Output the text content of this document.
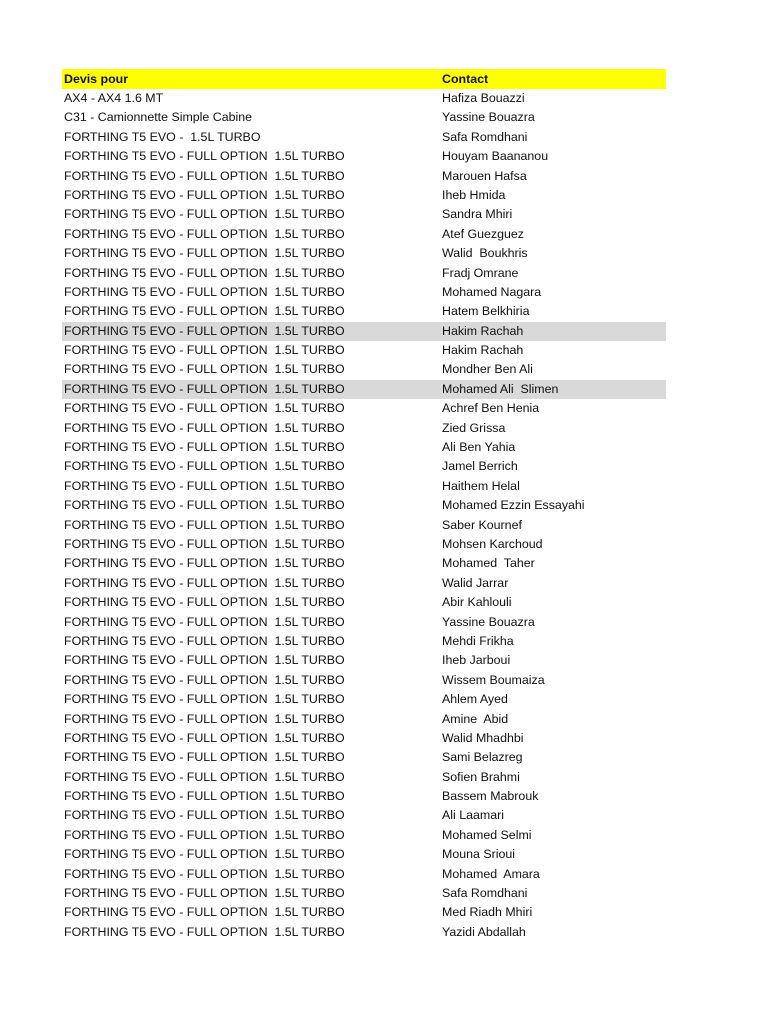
Devis pour	Contact
AX4 - AX4 1.6 MT	Hafiza Bouazzi
C31 - Camionnette Simple Cabine	Yassine Bouazra
FORTHING T5 EVO -  1.5L TURBO	Safa Romdhani
FORTHING T5 EVO - FULL OPTION  1.5L TURBO	Houyam Baananou
FORTHING T5 EVO - FULL OPTION  1.5L TURBO	Marouen Hafsa
FORTHING T5 EVO - FULL OPTION  1.5L TURBO	Iheb Hmida
FORTHING T5 EVO - FULL OPTION  1.5L TURBO	Sandra Mhiri
FORTHING T5 EVO - FULL OPTION  1.5L TURBO	Atef Guezguez
FORTHING T5 EVO - FULL OPTION  1.5L TURBO	Walid  Boukhris
FORTHING T5 EVO - FULL OPTION  1.5L TURBO	Fradj Omrane
FORTHING T5 EVO - FULL OPTION  1.5L TURBO	Mohamed Nagara
FORTHING T5 EVO - FULL OPTION  1.5L TURBO	Hatem Belkhiria
FORTHING T5 EVO - FULL OPTION  1.5L TURBO	Hakim Rachah
FORTHING T5 EVO - FULL OPTION  1.5L TURBO	Hakim Rachah
FORTHING T5 EVO - FULL OPTION  1.5L TURBO	Mondher Ben Ali
FORTHING T5 EVO - FULL OPTION  1.5L TURBO	Mohamed Ali  Slimen
FORTHING T5 EVO - FULL OPTION  1.5L TURBO	Achref Ben Henia
FORTHING T5 EVO - FULL OPTION  1.5L TURBO	Zied Grissa
FORTHING T5 EVO - FULL OPTION  1.5L TURBO	Ali Ben Yahia
FORTHING T5 EVO - FULL OPTION  1.5L TURBO	Jamel Berrich
FORTHING T5 EVO - FULL OPTION  1.5L TURBO	Haithem Helal
FORTHING T5 EVO - FULL OPTION  1.5L TURBO	Mohamed Ezzin Essayahi
FORTHING T5 EVO - FULL OPTION  1.5L TURBO	Saber Kournef
FORTHING T5 EVO - FULL OPTION  1.5L TURBO	Mohsen Karchoud
FORTHING T5 EVO - FULL OPTION  1.5L TURBO	Mohamed  Taher
FORTHING T5 EVO - FULL OPTION  1.5L TURBO	Walid Jarrar
FORTHING T5 EVO - FULL OPTION  1.5L TURBO	Abir Kahlouli
FORTHING T5 EVO - FULL OPTION  1.5L TURBO	Yassine Bouazra
FORTHING T5 EVO - FULL OPTION  1.5L TURBO	Mehdi Frikha
FORTHING T5 EVO - FULL OPTION  1.5L TURBO	Iheb Jarboui
FORTHING T5 EVO - FULL OPTION  1.5L TURBO	Wissem Boumaiza
FORTHING T5 EVO - FULL OPTION  1.5L TURBO	Ahlem Ayed
FORTHING T5 EVO - FULL OPTION  1.5L TURBO	Amine  Abid
FORTHING T5 EVO - FULL OPTION  1.5L TURBO	Walid Mhadhbi
FORTHING T5 EVO - FULL OPTION  1.5L TURBO	Sami Belazreg
FORTHING T5 EVO - FULL OPTION  1.5L TURBO	Sofien Brahmi
FORTHING T5 EVO - FULL OPTION  1.5L TURBO	Bassem Mabrouk
FORTHING T5 EVO - FULL OPTION  1.5L TURBO	Ali Laamari
FORTHING T5 EVO - FULL OPTION  1.5L TURBO	Mohamed Selmi
FORTHING T5 EVO - FULL OPTION  1.5L TURBO	Mouna Srioui
FORTHING T5 EVO - FULL OPTION  1.5L TURBO	Mohamed  Amara
FORTHING T5 EVO - FULL OPTION  1.5L TURBO	Safa Romdhani
FORTHING T5 EVO - FULL OPTION  1.5L TURBO	Med Riadh Mhiri
FORTHING T5 EVO - FULL OPTION  1.5L TURBO	Yazidi Abdallah
